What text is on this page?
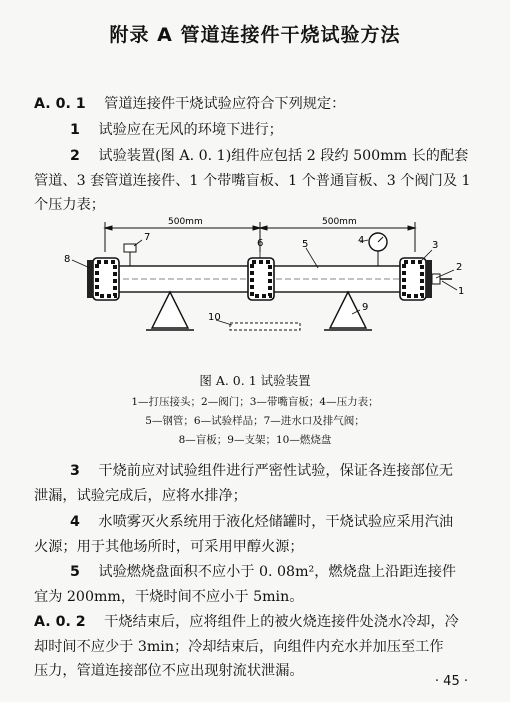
附录 A 管道连接件干烧试验方法
A. 0. 1 管道连接件干烧试验应符合下列规定：
1 试验应在无风的环境下进行；
2 试验装置(图 A. 0. 1)组件应包括 2 段约 500mm 长的配套
管道、3 套管道连接件、1 个带嘴盲板、1 个普通盲板、3 个阀门及 1
个压力表；
500mm	500mm
1
2
3
4
5
6
7
8
9
10
图 A. 0. 1 试验装置
1—打压接头；2—阀门；3—带嘴盲板；4—压力表；
5—钢管；6—试验样品；7—进水口及排气阀；
8—盲板；9—支架；10—燃烧盘
3 干烧前应对试验组件进行严密性试验，保证各连接部位无
泄漏，试验完成后，应将水排净；
4 水喷雾灭火系统用于液化烃储罐时，干烧试验应采用汽油
火源；用于其他场所时，可采用甲醇火源；
5 试验燃烧盘面积不应小于 0. 08m²，燃烧盘上沿距连接件
宜为 200mm，干烧时间不应小于 5min。
A. 0. 2 干烧结束后，应将组件上的被火烧连接件处浇水冷却，冷
却时间不应少于 3min；冷却结束后，向组件内充水并加压至工作
压力，管道连接部位不应出现射流状泄漏。
· 45 ·
